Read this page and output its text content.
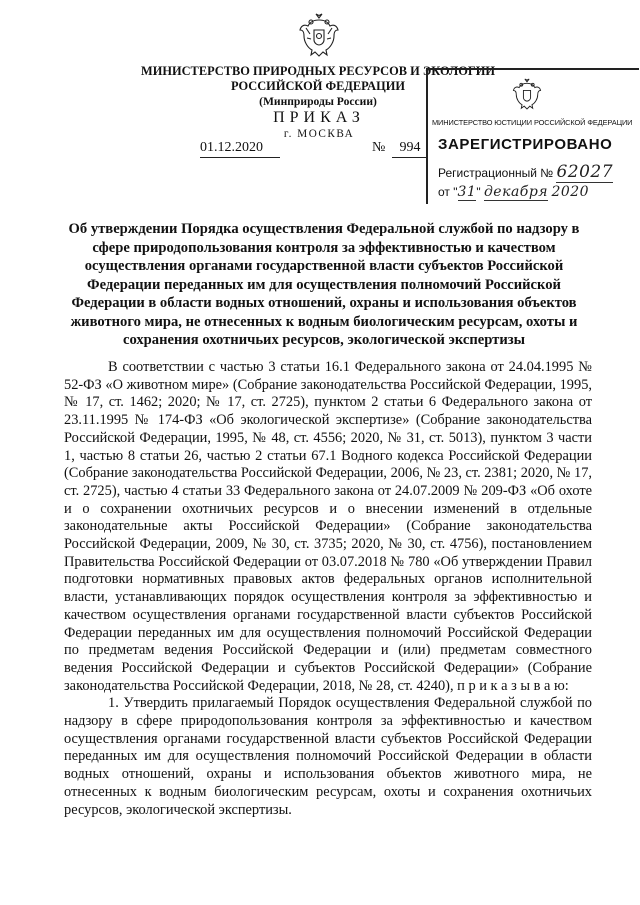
МИНИСТЕРСТВО ПРИРОДНЫХ РЕСУРСОВ И ЭКОЛОГИИ
РОССИЙСКОЙ ФЕДЕРАЦИИ
(Минприроды России)
ПРИКАЗ
г. МОСКВА
01.12.2020	№	994
МИНИСТЕРСТВО ЮСТИЦИИ РОССИЙСКОЙ ФЕДЕРАЦИИ
ЗАРЕГИСТРИРОВАНО
Регистрационный № 62027
от "31" декабря 2020
Об утверждении Порядка осуществления Федеральной службой по надзору в сфере природопользования контроля за эффективностью и качеством осуществления органами государственной власти субъектов Российской Федерации переданных им для осуществления полномочий Российской Федерации в области водных отношений, охраны и использования объектов животного мира, не отнесенных к водным биологическим ресурсам, охоты и сохранения охотничьих ресурсов, экологической экспертизы

В соответствии с частью 3 статьи 16.1 Федерального закона от 24.04.1995 № 52-ФЗ «О животном мире» (Собрание законодательства Российской Федерации, 1995, № 17, ст. 1462; 2020; № 17, ст. 2725), пунктом 2 статьи 6 Федерального закона от 23.11.1995 № 174-ФЗ «Об экологической экспертизе» (Собрание законодательства Российской Федерации, 1995, № 48, ст. 4556; 2020, № 31, ст. 5013), пунктом 3 части 1, частью 8 статьи 26, частью 2 статьи 67.1 Водного кодекса Российской Федерации (Собрание законодательства Российской Федерации, 2006, № 23, ст. 2381; 2020, № 17, ст. 2725), частью 4 статьи 33 Федерального закона от 24.07.2009 № 209-ФЗ «Об охоте и о сохранении охотничьих ресурсов и о внесении изменений в отдельные законодательные акты Российской Федерации» (Собрание законодательства Российской Федерации, 2009, № 30, ст. 3735; 2020, № 30, ст. 4756), постановлением Правительства Российской Федерации от 03.07.2018 № 780 «Об утверждении Правил подготовки нормативных правовых актов федеральных органов исполнительной власти, устанавливающих порядок осуществления контроля за эффективностью и качеством осуществления органами государственной власти субъектов Российской Федерации переданных им для осуществления полномочий Российской Федерации по предметам ведения Российской Федерации и (или) предметам совместного ведения Российской Федерации и субъектов Российской Федерации» (Собрание законодательства Российской Федерации, 2018, № 28, ст. 4240), п р и к а з ы в а ю:

1. Утвердить прилагаемый Порядок осуществления Федеральной службой по надзору в сфере природопользования контроля за эффективностью и качеством осуществления органами государственной власти субъектов Российской Федерации переданных им для осуществления полномочий Российской Федерации в области водных отношений, охраны и использования объектов животного мира, не отнесенных к водным биологическим ресурсам, охоты и сохранения охотничьих ресурсов, экологической экспертизы.
